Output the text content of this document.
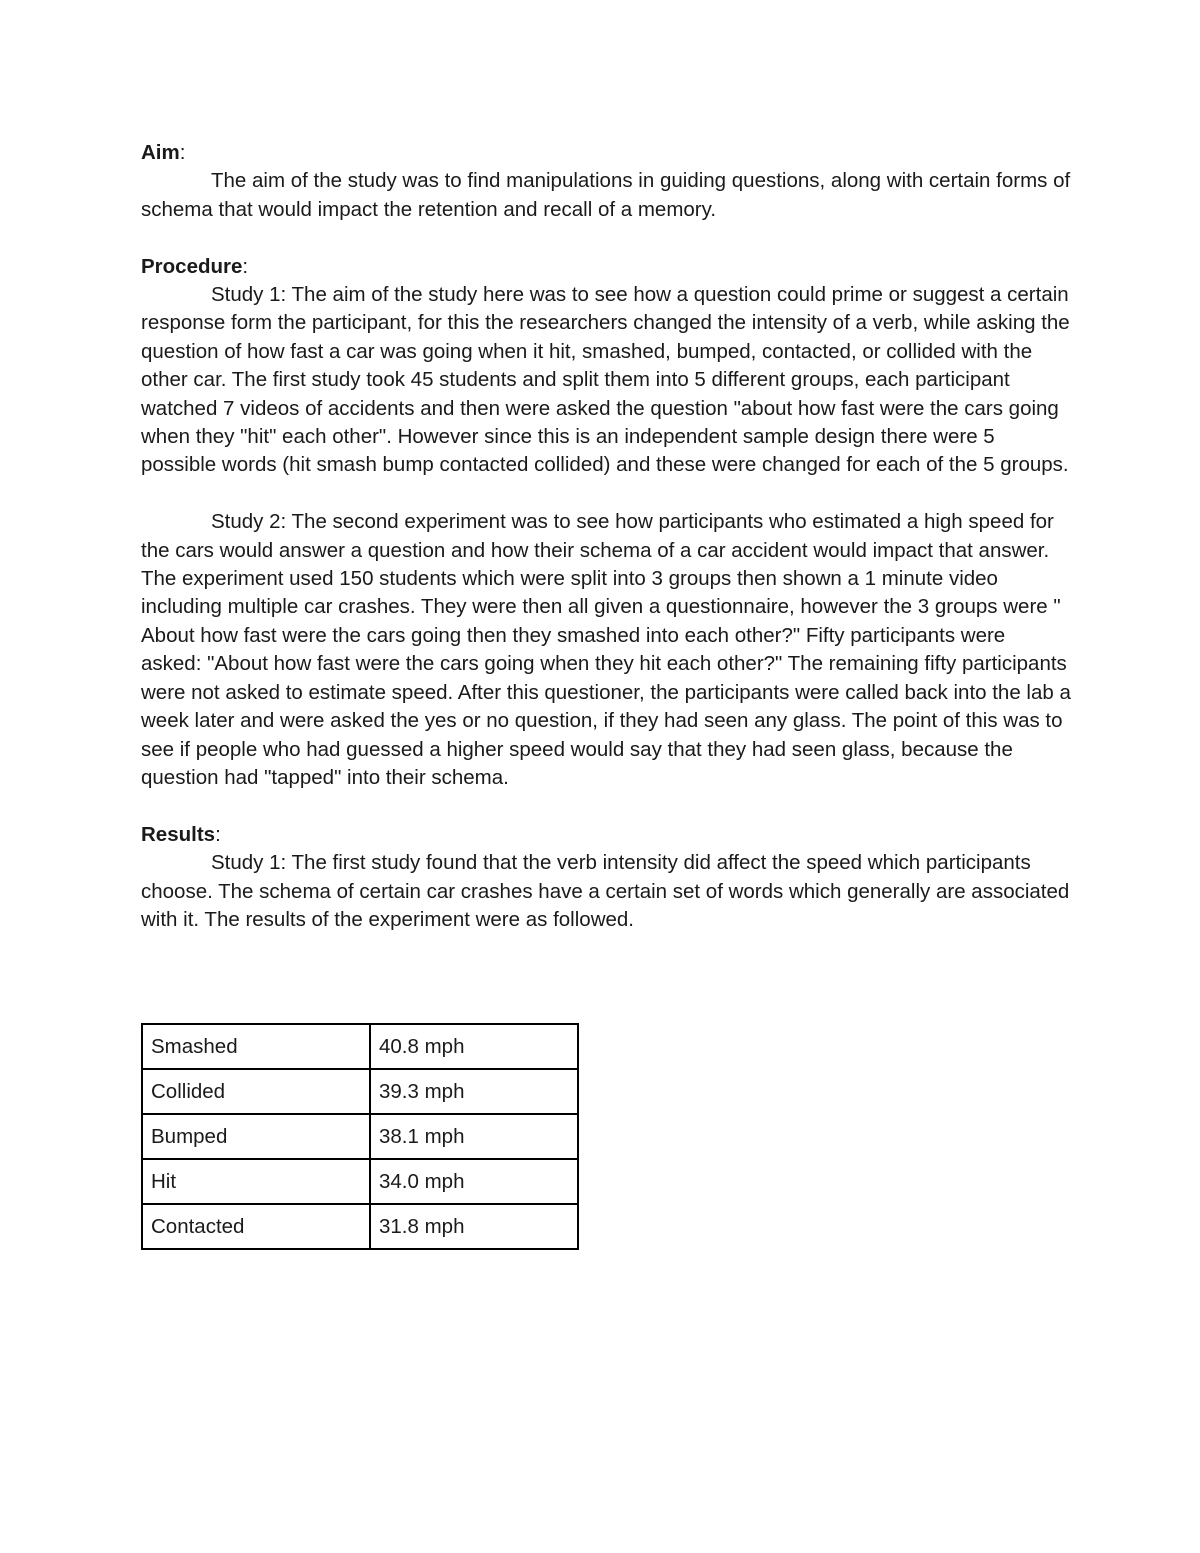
Aim:

The aim of the study was to find manipulations in guiding questions, along with certain forms of schema that would impact the retention and recall of a memory.

Procedure:

Study 1: The aim of the study here was to see how a question could prime or suggest a certain response form the participant, for this the researchers changed the intensity of a verb, while asking the question of how fast a car was going when it hit, smashed, bumped, contacted, or collided with the other car. The first study took 45 students and split them into 5 different groups, each participant watched 7 videos of accidents and then were asked the question "about how fast were the cars going when they "hit" each other". However since this is an independent sample design there were 5 possible words (hit smash bump contacted collided) and these were changed for each of the 5 groups.

Study 2: The second experiment was to see how participants who estimated a high speed for the cars would answer a question and how their schema of a car accident would impact that answer. The experiment used 150 students which were split into 3 groups then shown a 1 minute video including multiple car crashes. They were then all given a questionnaire, however the 3 groups were " About how fast were the cars going then they smashed into each other?" Fifty participants were asked: "About how fast were the cars going when they hit each other?" The remaining fifty participants were not asked to estimate speed. After this questioner, the participants were called back into the lab a week later and were asked the yes or no question, if they had seen any glass. The point of this was to see if people who had guessed a higher speed would say that they had seen glass, because the question had "tapped" into their schema.

Results:

Study 1: The first study found that the verb intensity did affect the speed which participants choose. The schema of certain car crashes have a certain set of words which generally are associated with it. The results of the experiment were as followed.

Smashed	40.8 mph
Collided	39.3 mph
Bumped	38.1 mph
Hit	34.0 mph
Contacted	31.8 mph
